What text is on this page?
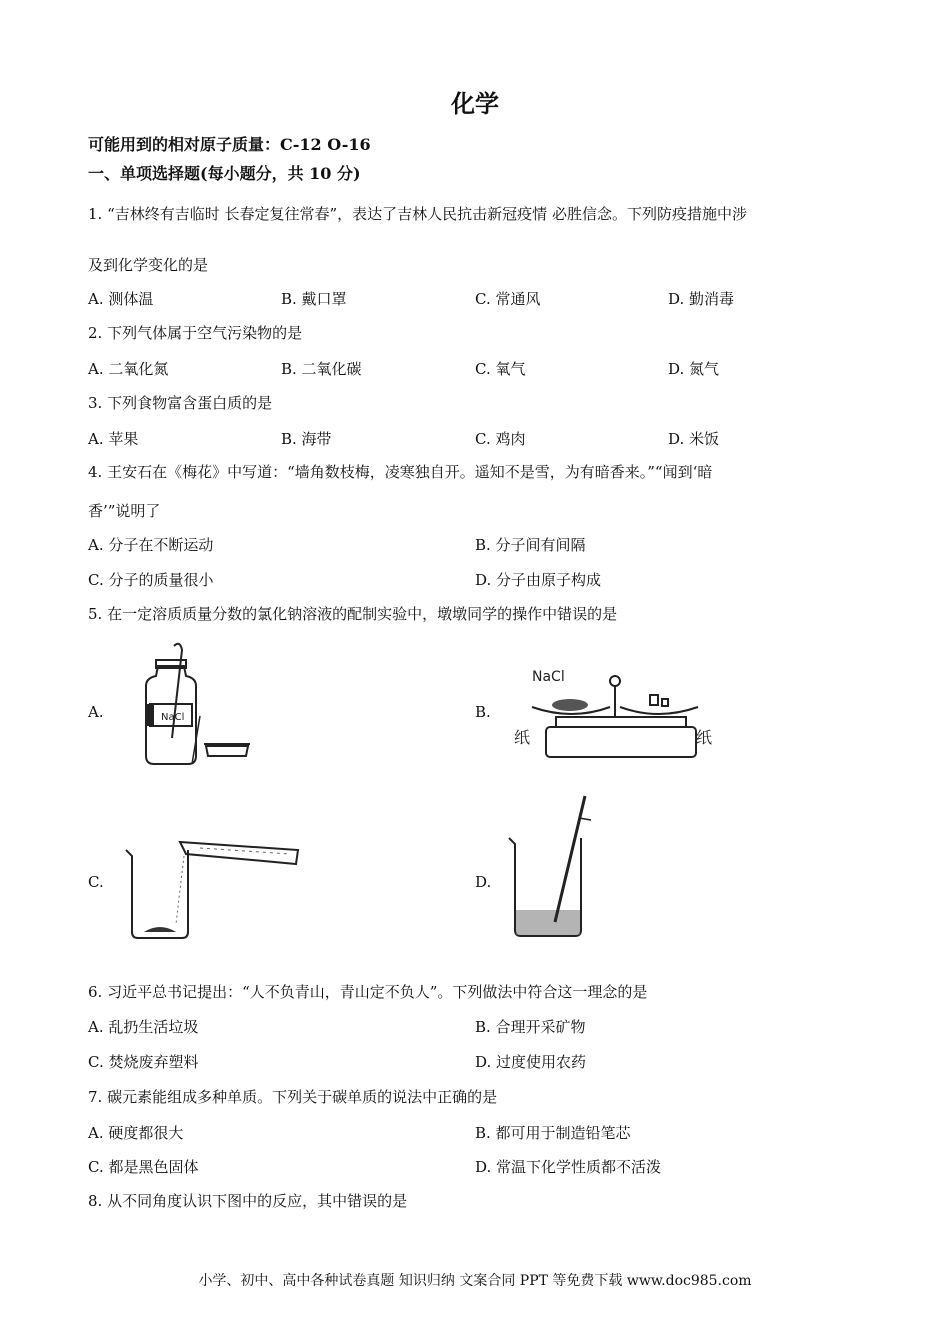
化学
可能用到的相对原子质量：C-12 O-16
一、单项选择题(每小题分，共 10 分)
1. “吉林终有吉临时 长春定复往常春”，表达了吉林人民抗击新冠疫情 必胜信念。下列防疫措施中涉
及到化学变化的是
A. 测体温	B. 戴口罩	C. 常通风	D. 勤消毒
2. 下列气体属于空气污染物的是
A. 二氧化氮	B. 二氧化碳	C. 氧气	D. 氮气
3. 下列食物富含蛋白质的是
A. 苹果	B. 海带	C. 鸡肉	D. 米饭
4. 王安石在《梅花》中写道：“墙角数枝梅，凌寒独自开。遥知不是雪，为有暗香来。”“闻到‘暗
香’”说明了
A. 分子在不断运动	B. 分子间有间隔
C. 分子的质量很小	D. 分子由原子构成
5. 在一定溶质质量分数的氯化钠溶液的配制实验中，墩墩同学的操作中错误的是
A.	B.
C.	D.
NaCl
NaCl
纸	纸
6. 习近平总书记提出：“人不负青山，青山定不负人”。下列做法中符合这一理念的是
A. 乱扔生活垃圾	B. 合理开采矿物
C. 焚烧废弃塑料	D. 过度使用农药
7. 碳元素能组成多种单质。下列关于碳单质的说法中正确的是
A. 硬度都很大	B. 都可用于制造铅笔芯
C. 都是黑色固体	D. 常温下化学性质都不活泼
8. 从不同角度认识下图中的反应，其中错误的是
小学、初中、高中各种试卷真题 知识归纳 文案合同 PPT 等免费下载 www.doc985.com
